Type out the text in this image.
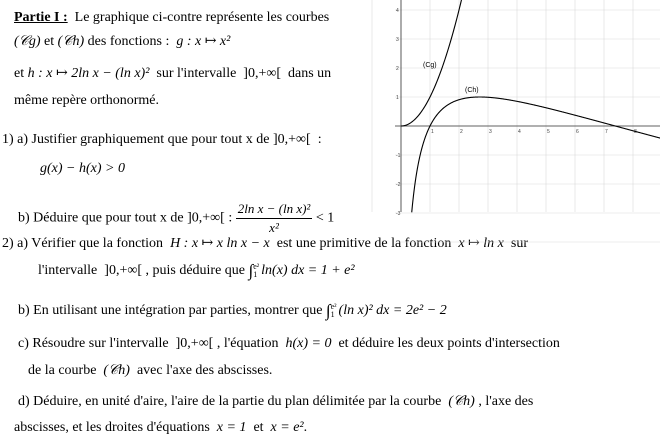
Partie I : Le graphique ci-contre représente les courbes
(𝒞g) et (𝒞h) des fonctions : g : x ↦ x²
et h : x ↦ 2ln x − (ln x)² sur l'intervalle ]0,+∞[ dans un
même repère orthonormé.
1) a) Justifier graphiquement que pour tout x de ]0,+∞[ :
g(x) − h(x) > 0
b) Déduire que pour tout x de ]0,+∞[ : $\frac{\text{2ln x − (ln x)²}}{\text{x²}} < 1$
2) a) Vérifier que la fonction H : x ↦ x ln x − x est une primitive de la fonction x ↦ ln x sur
l'intervalle ]0,+∞[ , puis déduire que ∫e²
1 ln(x) dx = 1 + e²
b) En utilisant une intégration par parties, montrer que ∫e²
1 (ln x)² dx = 2e² − 2
c) Résoudre sur l'intervalle ]0,+∞[ , l'équation h(x) = 0 et déduire les deux points d'intersection
de la courbe (𝒞h) avec l'axe des abscisses.
d) Déduire, en unité d'aire, l'aire de la partie du plan délimitée par la courbe (𝒞h) , l'axe des
abscisses, et les droites d'équations x = 1 et x = e².
1	2	3	4	5	6	7	8
4
3
2
1
-1
-2
-3
(Cg)
(Ch)
